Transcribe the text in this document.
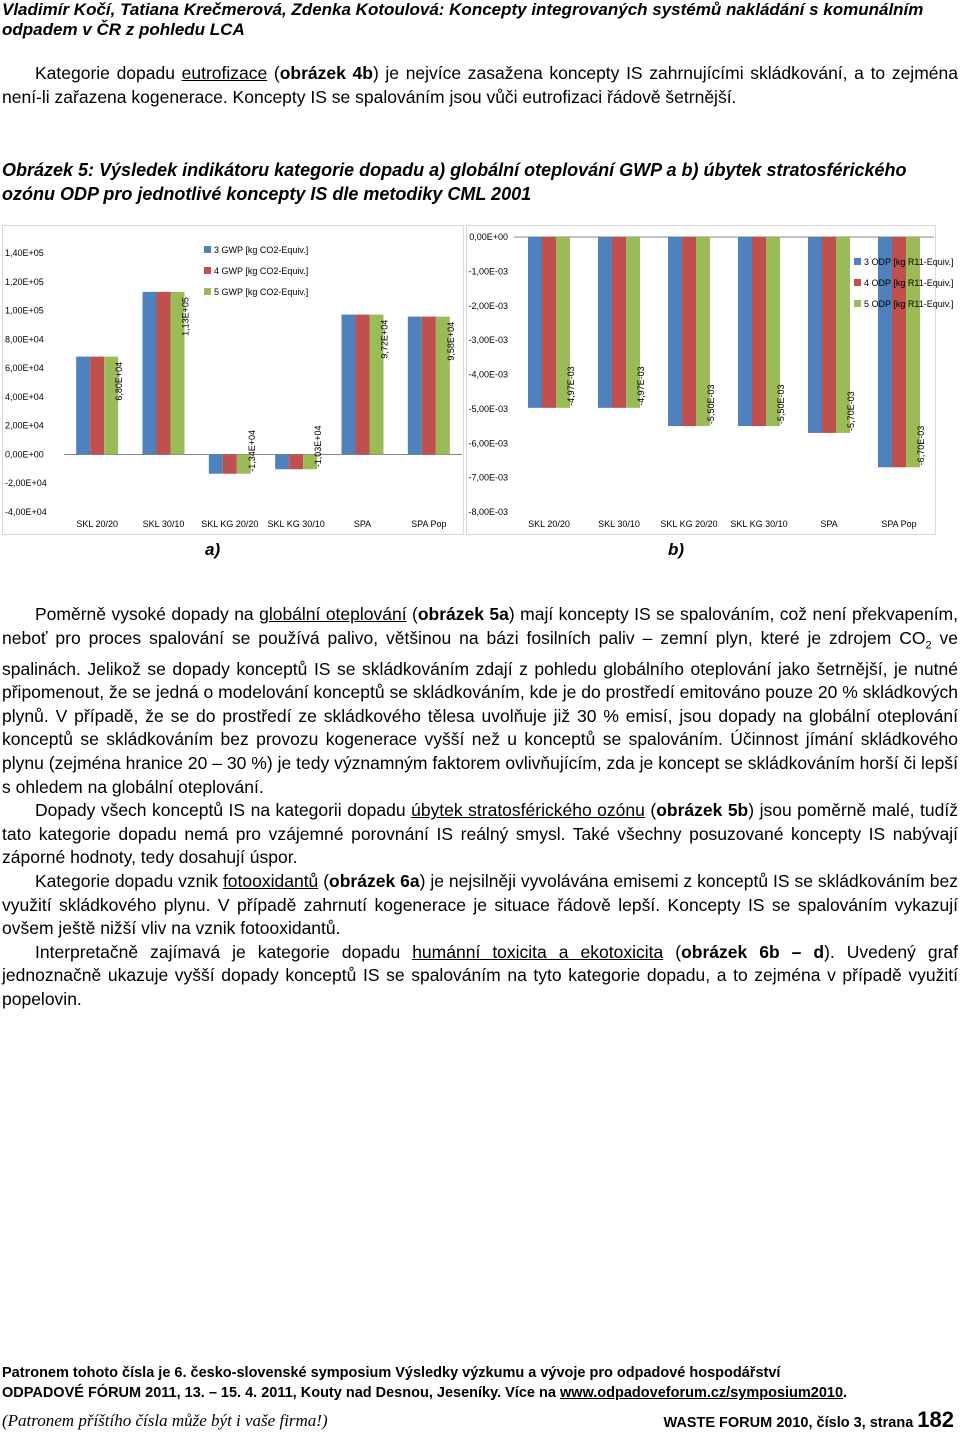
Vladimír Kočí, Tatiana Krečmerová, Zdenka Kotoulová: Koncepty integrovaných systémů nakládání s komunálním
odpadem v ČR z pohledu LCA

Kategorie dopadu eutrofizace (obrázek 4b) je nejvíce zasažena koncepty IS zahrnujícími skládkování, a to zejména není-li zařazena kogenerace. Koncepty IS se spalováním jsou vůči eutrofizaci řádově šetrnější.

Obrázek 5: Výsledek indikátoru kategorie dopadu a) globální oteplování GWP a b) úbytek stratosférického ozónu ODP pro jednotlivé koncepty IS dle metodiky CML 2001
1,40E+05
1,20E+05
1,00E+05
8,00E+04
6,00E+04
4,00E+04
2,00E+04
0,00E+00
-2,00E+04
-4,00E+04
6,80E+04
SKL 20/20
1,13E+05
SKL 30/10
-1,34E+04
SKL KG 20/20
-1,03E+04
SKL KG 30/10
9,72E+04
SPA
9,58E+04
SPA Pop
3 GWP [kg CO2-Equiv.]
4 GWP [kg CO2-Equiv.]
5 GWP [kg CO2-Equiv.]
0,00E+00
-1,00E-03
-2,00E-03
-3,00E-03
-4,00E-03
-5,00E-03
-6,00E-03
-7,00E-03
-8,00E-03
-4,97E-03
SKL 20/20
-4,97E-03
SKL 30/10
-5,50E-03
SKL KG 20/20
-5,50E-03
SKL KG 30/10
-5,70E-03
SPA
-6,70E-03
SPA Pop
3 ODP [kg R11-Equiv.]
4 ODP [kg R11-Equiv.]
5 ODP [kg R11-Equiv.]
a)	b)

Poměrně vysoké dopady na globální oteplování (obrázek 5a) mají koncepty IS se spalováním, což není překvapením, neboť pro proces spalování se používá palivo, většinou na bázi fosilních paliv – zemní plyn, které je zdrojem $CO_2$ ve spalinách. Jelikož se dopady konceptů IS se skládkováním zdají z pohledu globálního oteplování jako šetrnější, je nutné připomenout, že se jedná o modelování konceptů se skládkováním, kde je do prostředí emitováno pouze 20 % skládkových plynů. V případě, že se do prostředí ze skládkového tělesa uvolňuje již 30 % emisí, jsou dopady na globální oteplování konceptů se skládkováním bez provozu kogenerace vyšší než u konceptů se spalováním. Účinnost jímání skládkového plynu (zejména hranice 20 – 30 %) je tedy významným faktorem ovlivňujícím, zda je koncept se skládkováním horší či lepší s ohledem na globální oteplování.

Dopady všech konceptů IS na kategorii dopadu úbytek stratosférického ozónu (obrázek 5b) jsou poměrně malé, tudíž tato kategorie dopadu nemá pro vzájemné porovnání IS reálný smysl. Také všechny posuzované koncepty IS nabývají záporné hodnoty, tedy dosahují úspor.

Kategorie dopadu vznik fotooxidantů (obrázek 6a) je nejsilněji vyvolávána emisemi z konceptů IS se skládkováním bez využití skládkového plynu. V případě zahrnutí kogenerace je situace řádově lepší. Koncepty IS se spalováním vykazují ovšem ještě nižší vliv na vznik fotooxidantů.

Interpretačně zajímavá je kategorie dopadu humánní toxicita a ekotoxicita (obrázek 6b – d). Uvedený graf jednoznačně ukazuje vyšší dopady konceptů IS se spalováním na tyto kategorie dopadu, a to zejména v případě využití popelovin.

Patronem tohoto čísla je 6. česko-slovenské symposium Výsledky výzkumu a vývoje pro odpadové hospodářství
ODPADOVÉ FÓRUM 2011, 13. – 15. 4. 2011, Kouty nad Desnou, Jeseníky. Více na www.odpadoveforum.cz/symposium2010.
(Patronem příštího čísla může být i vaše firma!)	WASTE FORUM 2010, číslo 3, strana 182
